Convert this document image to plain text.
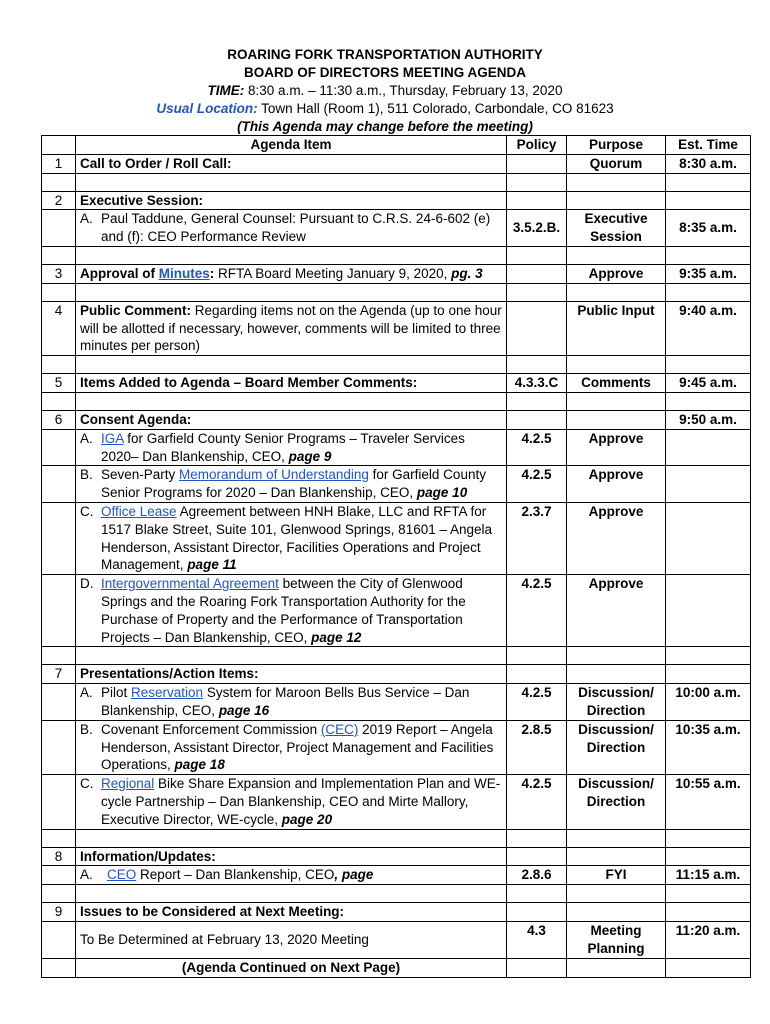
ROARING FORK TRANSPORTATION AUTHORITY
BOARD OF DIRECTORS MEETING AGENDA
TIME: 8:30 a.m. – 11:30 a.m., Thursday, February 13, 2020
Usual Location: Town Hall (Room 1), 511 Colorado, Carbondale, CO 81623
(This Agenda may change before the meeting)
	Agenda Item	Policy	Purpose	Est. Time
1	Call to Order / Roll Call:		Quorum	8:30 a.m.

2	Executive Session:			

	A. Paul Taddune, General Counsel: Pursuant to C.R.S. 24-6-602 (e) and (f): CEO Performance Review	3.5.2.B.	Executive Session	8:35 a.m.

3	Approval of Minutes: RFTA Board Meeting January 9, 2020, pg. 3		Approve	9:35 a.m.

4	Public Comment: Regarding items not on the Agenda (up to one hour will be allotted if necessary, however, comments will be limited to three minutes per person)		Public Input	9:40 a.m.

5	Items Added to Agenda – Board Member Comments:	4.3.3.C	Comments	9:45 a.m.

6	Consent Agenda:			9:50 a.m.

	A. IGA for Garfield County Senior Programs – Traveler Services 2020– Dan Blankenship, CEO, page 9	4.2.5	Approve	

	B. Seven-Party Memorandum of Understanding for Garfield County Senior Programs for 2020 – Dan Blankenship, CEO, page 10	4.2.5	Approve	

	C. Office Lease Agreement between HNH Blake, LLC and RFTA for 1517 Blake Street, Suite 101, Glenwood Springs, 81601 – Angela Henderson, Assistant Director, Facilities Operations and Project Management, page 11	2.3.7	Approve	

	D. Intergovernmental Agreement between the City of Glenwood Springs and the Roaring Fork Transportation Authority for the Purchase of Property and the Performance of Transportation Projects – Dan Blankenship, CEO, page 12	4.2.5	Approve	

7	Presentations/Action Items:			

	A. Pilot Reservation System for Maroon Bells Bus Service – Dan Blankenship, CEO, page 16	4.2.5	Discussion/ Direction	10:00 a.m.

	B. Covenant Enforcement Commission (CEC) 2019 Report – Angela Henderson, Assistant Director, Project Management and Facilities Operations, page 18	2.8.5	Discussion/ Direction	10:35 a.m.

	C. Regional Bike Share Expansion and Implementation Plan and WE-cycle Partnership – Dan Blankenship, CEO and Mirte Mallory, Executive Director, WE-cycle, page 20	4.2.5	Discussion/ Direction	10:55 a.m.

8	Information/Updates:			

	A. CEO Report – Dan Blankenship, CEO, page	2.8.6	FYI	11:15 a.m.

9	Issues to be Considered at Next Meeting:			
	To Be Determined at February 13, 2020 Meeting	4.3	Meeting Planning	11:20 a.m.
	(Agenda Continued on Next Page)			
